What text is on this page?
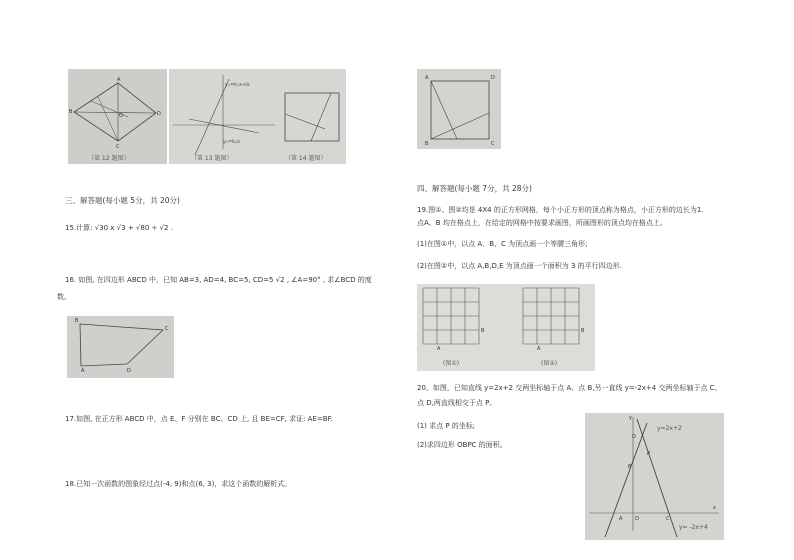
A
B	D
C
O
（第 12 题图）
y₁=k₁x+b
y₂=k₂x
（第 13 题图）	（第 14 题图）
A	D
B	C
三、解答题(每小题 5分，共 20分)
15.计算: √30 x √3 + √80 ÷ √2 .
16. 如图, 在四边形 ABCD 中，已知 AB=3, AD=4, BC=5, CD=5 √2 , ∠A=90° , 求∠BCD 的度
数。
B
C
D
A
17.如图, 在正方形 ABCD 中，点 E、F 分别在 BC、CD 上, 且 BE=CF, 求证: AE=BF.
18.已知一次函数的图象经过点(-4, 9)和点(6, 3)，求这个函数的解析式。
四、解答题(每小题 7分，共 28分)
19.图①、图②均是 4X4 的正方形网格，每个小正方形的顶点称为格点，小正方形的边长为1.
点A、B 均在格点上，在给定的网格中按要求画图，所画图形的顶点均在格点上。
(1)在图①中，以点 A、B、C 为顶点画一个等腰三角形;
(2)在图②中，以点 A,B,D,E 为顶点画一个面积为 3 的平行四边形.
B
A
B
A
(图①)	(图②)
20、如图，已知直线 y=2x+2 交两坐标轴于点 A、点 B,另一直线 y=-2x+4 交两坐标轴于点 C、
点 D,两直线相交于点 P。
(1) 求点 P 的坐标;
(2)求四边形 OBPC 的面积。
y
x
D
B
P
A	O	C
y=2x+2
y= -2x+4
